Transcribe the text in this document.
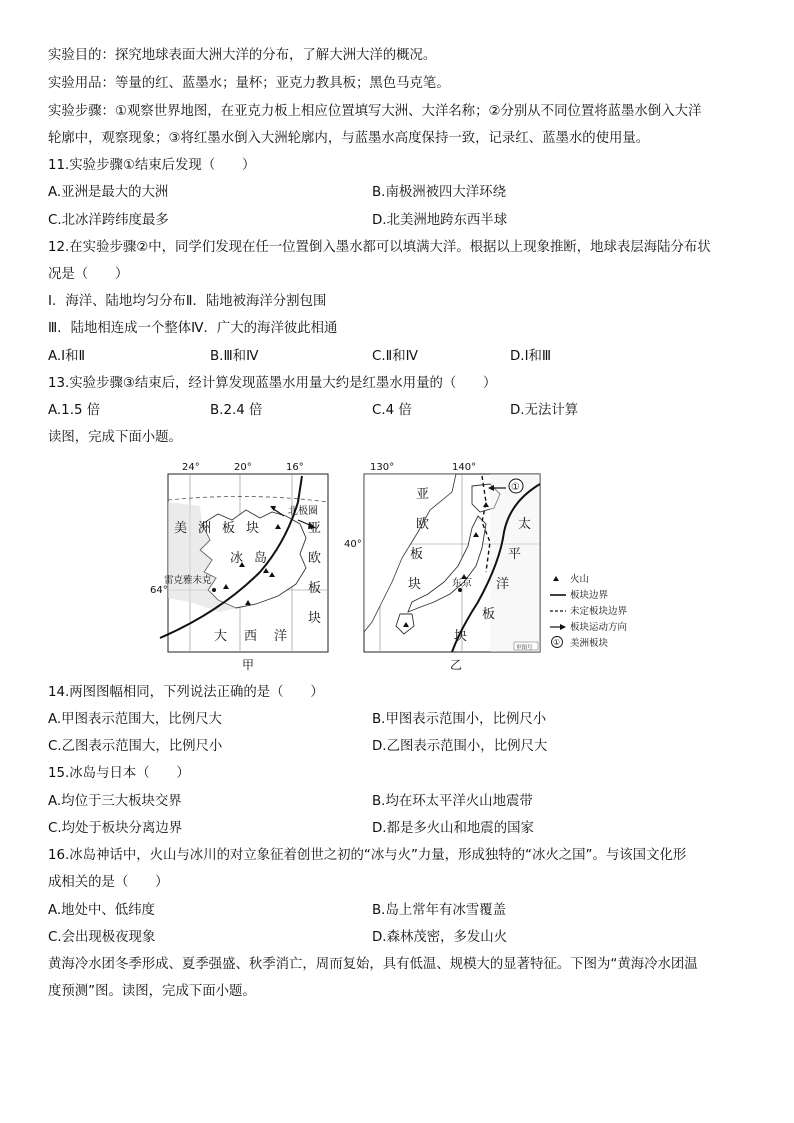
实验目的：探究地球表面大洲大洋的分布，了解大洲大洋的概况。
实验用品：等量的红、蓝墨水；量杯；亚克力教具板；黑色马克笔。
实验步骤：①观察世界地图，在亚克力板上相应位置填写大洲、大洋名称；②分别从不同位置将蓝墨水倒入大洋
轮廓中，观察现象；③将红墨水倒入大洲轮廓内，与蓝墨水高度保持一致，记录红、蓝墨水的使用量。
11.实验步骤①结束后发现（　　）
A.亚洲是最大的大洲	B.南极洲被四大洋环绕
C.北冰洋跨纬度最多	D.北美洲地跨东西半球
12.在实验步骤②中，同学们发现在任一位置倒入墨水都可以填满大洋。根据以上现象推断，地球表层海陆分布状
况是（　　）
Ⅰ．海洋、陆地均匀分布Ⅱ．陆地被海洋分割包围
Ⅲ．陆地相连成一个整体Ⅳ．广大的海洋彼此相通
A.Ⅰ和Ⅱ	B.Ⅲ和Ⅳ	C.Ⅱ和Ⅳ	D.Ⅰ和Ⅲ
13.实验步骤③结束后，经计算发现蓝墨水用量大约是红墨水用量的（　　）
A.1.5 倍	B.2.4 倍	C.4 倍	D.无法计算
读图，完成下面小题。
24°	20°	16°
北极圈
64°
雷克雅未克
美 洲 板 块
冰 岛
亚
欧
板
块
大 西 洋
甲
130°	140°
40°
①
东京
亚
欧
板
块
太
平
洋
板
块
审图号
乙
火山
板块边界
未定板块边界
板块运动方向
① 美洲板块
14.两图图幅相同，下列说法正确的是（　　）
A.甲图表示范围大，比例尺大	B.甲图表示范围小，比例尺小
C.乙图表示范围大，比例尺小	D.乙图表示范围小，比例尺大
15.冰岛与日本（　　）
A.均位于三大板块交界	B.均在环太平洋火山地震带
C.均处于板块分离边界	D.都是多火山和地震的国家
16.冰岛神话中，火山与冰川的对立象征着创世之初的“冰与火”力量，形成独特的“冰火之国”。与该国文化形
成相关的是（　　）
A.地处中、低纬度	B.岛上常年有冰雪覆盖
C.会出现极夜现象	D.森林茂密，多发山火
黄海冷水团冬季形成、夏季强盛、秋季消亡，周而复始，具有低温、规模大的显著特征。下图为“黄海冷水团温
度预测”图。读图，完成下面小题。
